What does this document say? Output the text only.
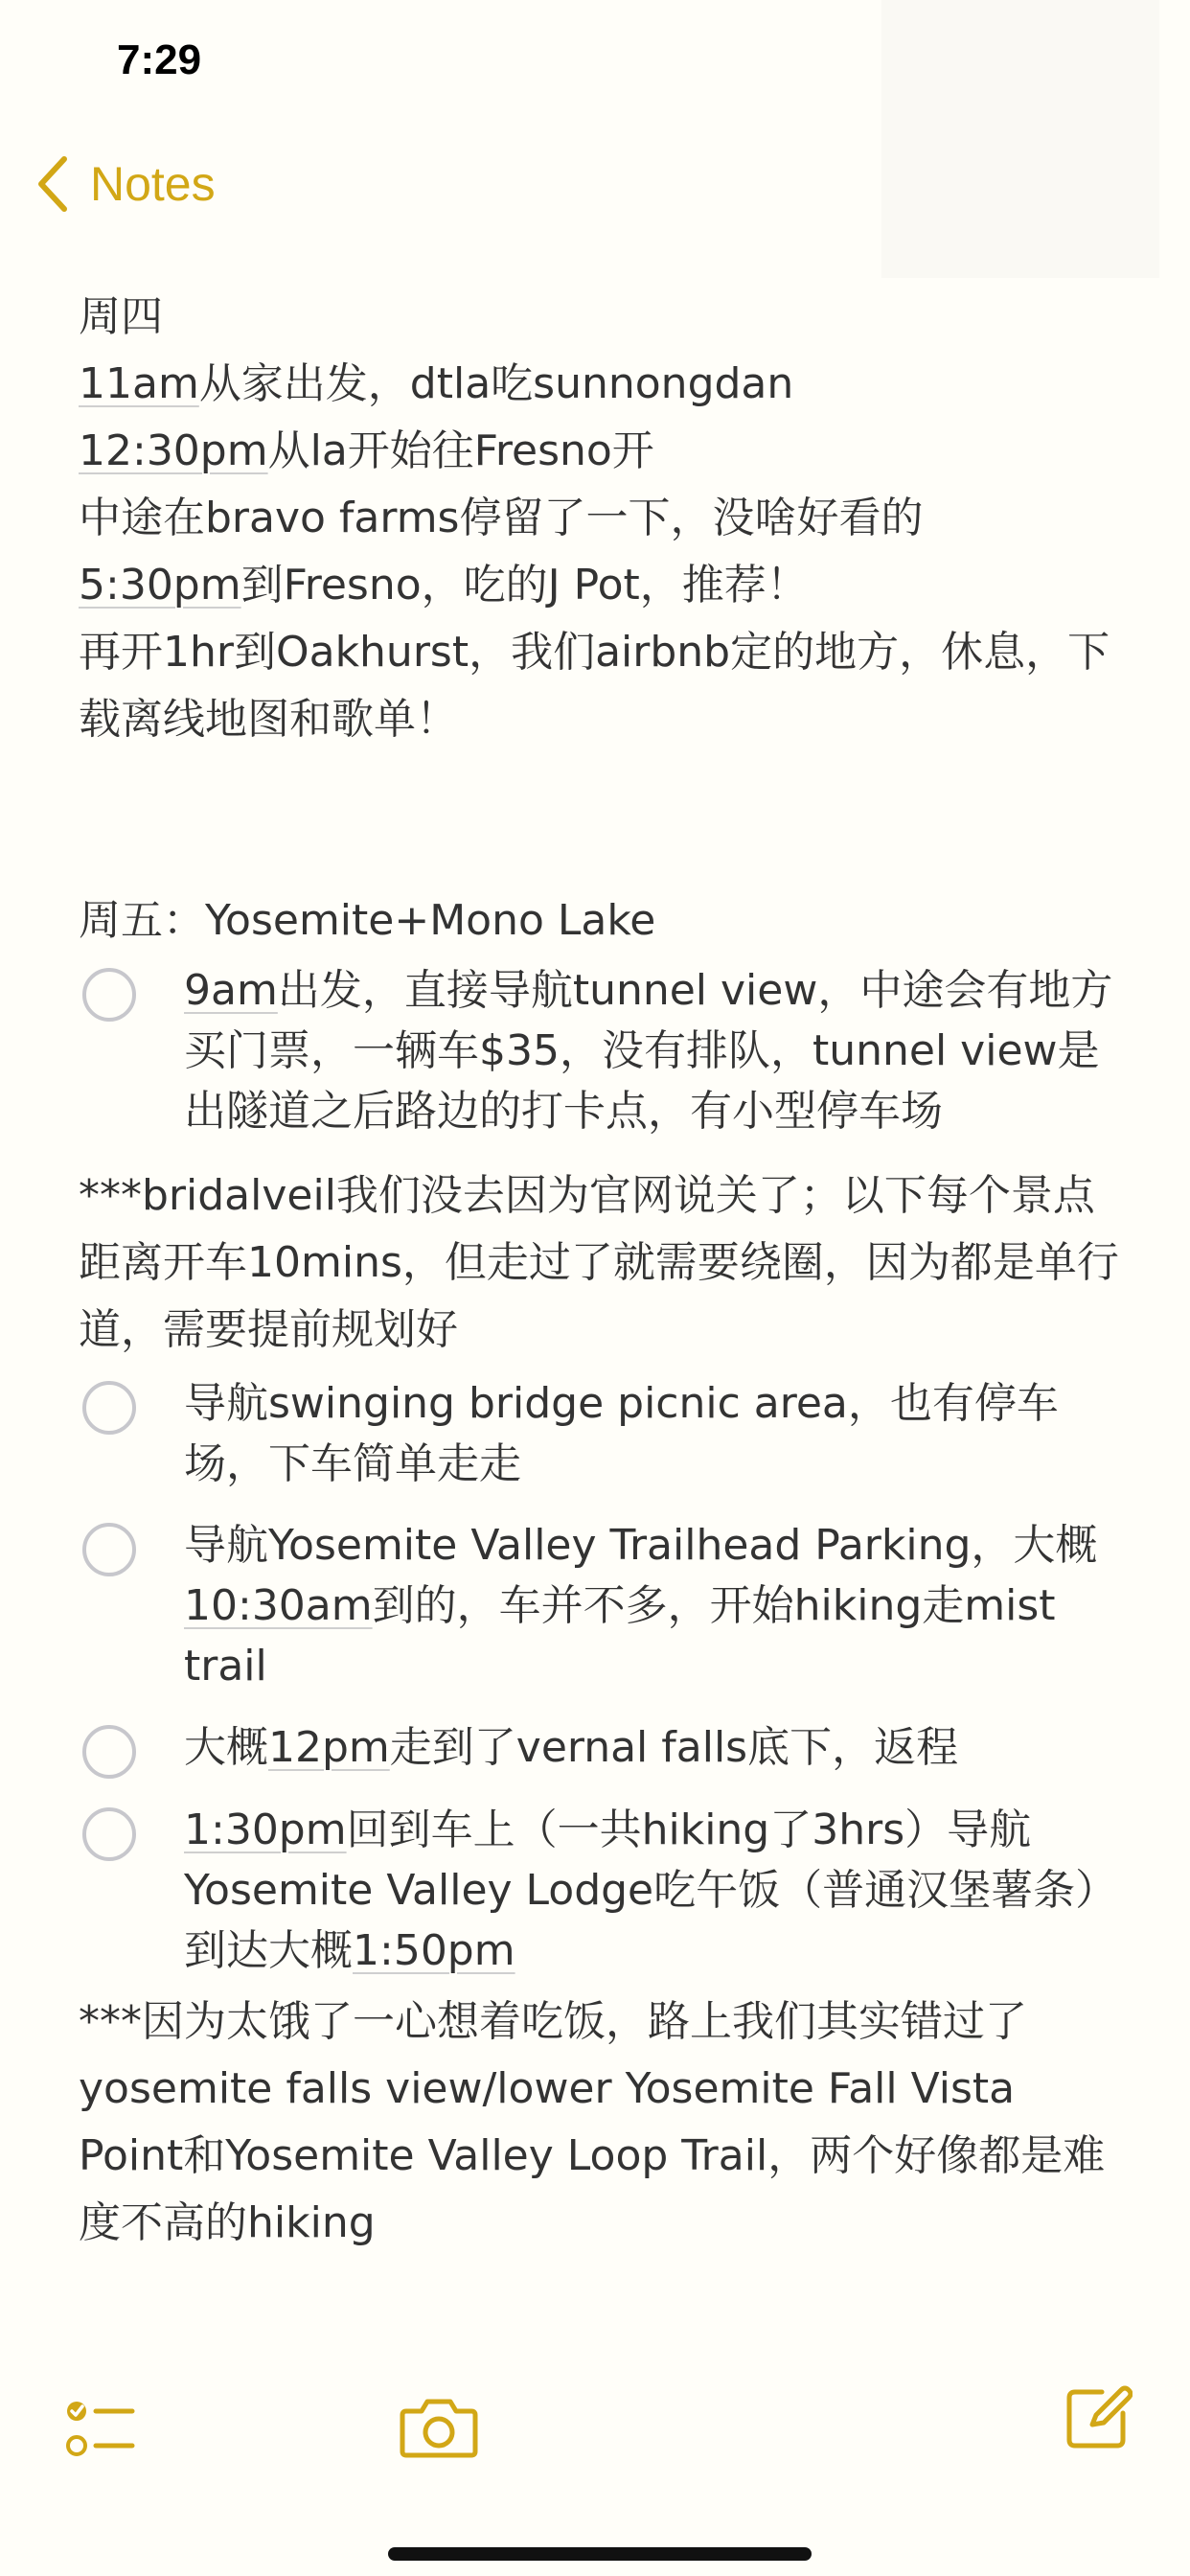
7:29
Notes

周四

11am从家出发，dtla吃sunnongdan

12:30pm从la开始往Fresno开

中途在bravo farms停留了一下，没啥好看的

5:30pm到Fresno，吃的J Pot，推荐！

再开1hr到Oakhurst，我们airbnb定的地方，休息，下载离线地图和歌单！

周五：Yosemite+Mono Lake

9am出发，直接导航tunnel view，中途会有地方买门票，一辆车$35，没有排队，tunnel view是出隧道之后路边的打卡点，有小型停车场

***bridalveil我们没去因为官网说关了；以下每个景点距离开车10mins，但走过了就需要绕圈，因为都是单行道，需要提前规划好

导航swinging bridge picnic area，也有停车场，下车简单走走
导航Yosemite Valley Trailhead Parking，大概10:30am到的，车并不多，开始hiking走mist trail
大概12pm走到了vernal falls底下，返程
1:30pm回到车上（一共hiking了3hrs）导航Yosemite Valley Lodge吃午饭（普通汉堡薯条）到达大概1:50pm

***因为太饿了一心想着吃饭，路上我们其实错过了yosemite falls view/lower Yosemite Fall Vista Point和Yosemite Valley Loop Trail，两个好像都是难度不高的hiking
